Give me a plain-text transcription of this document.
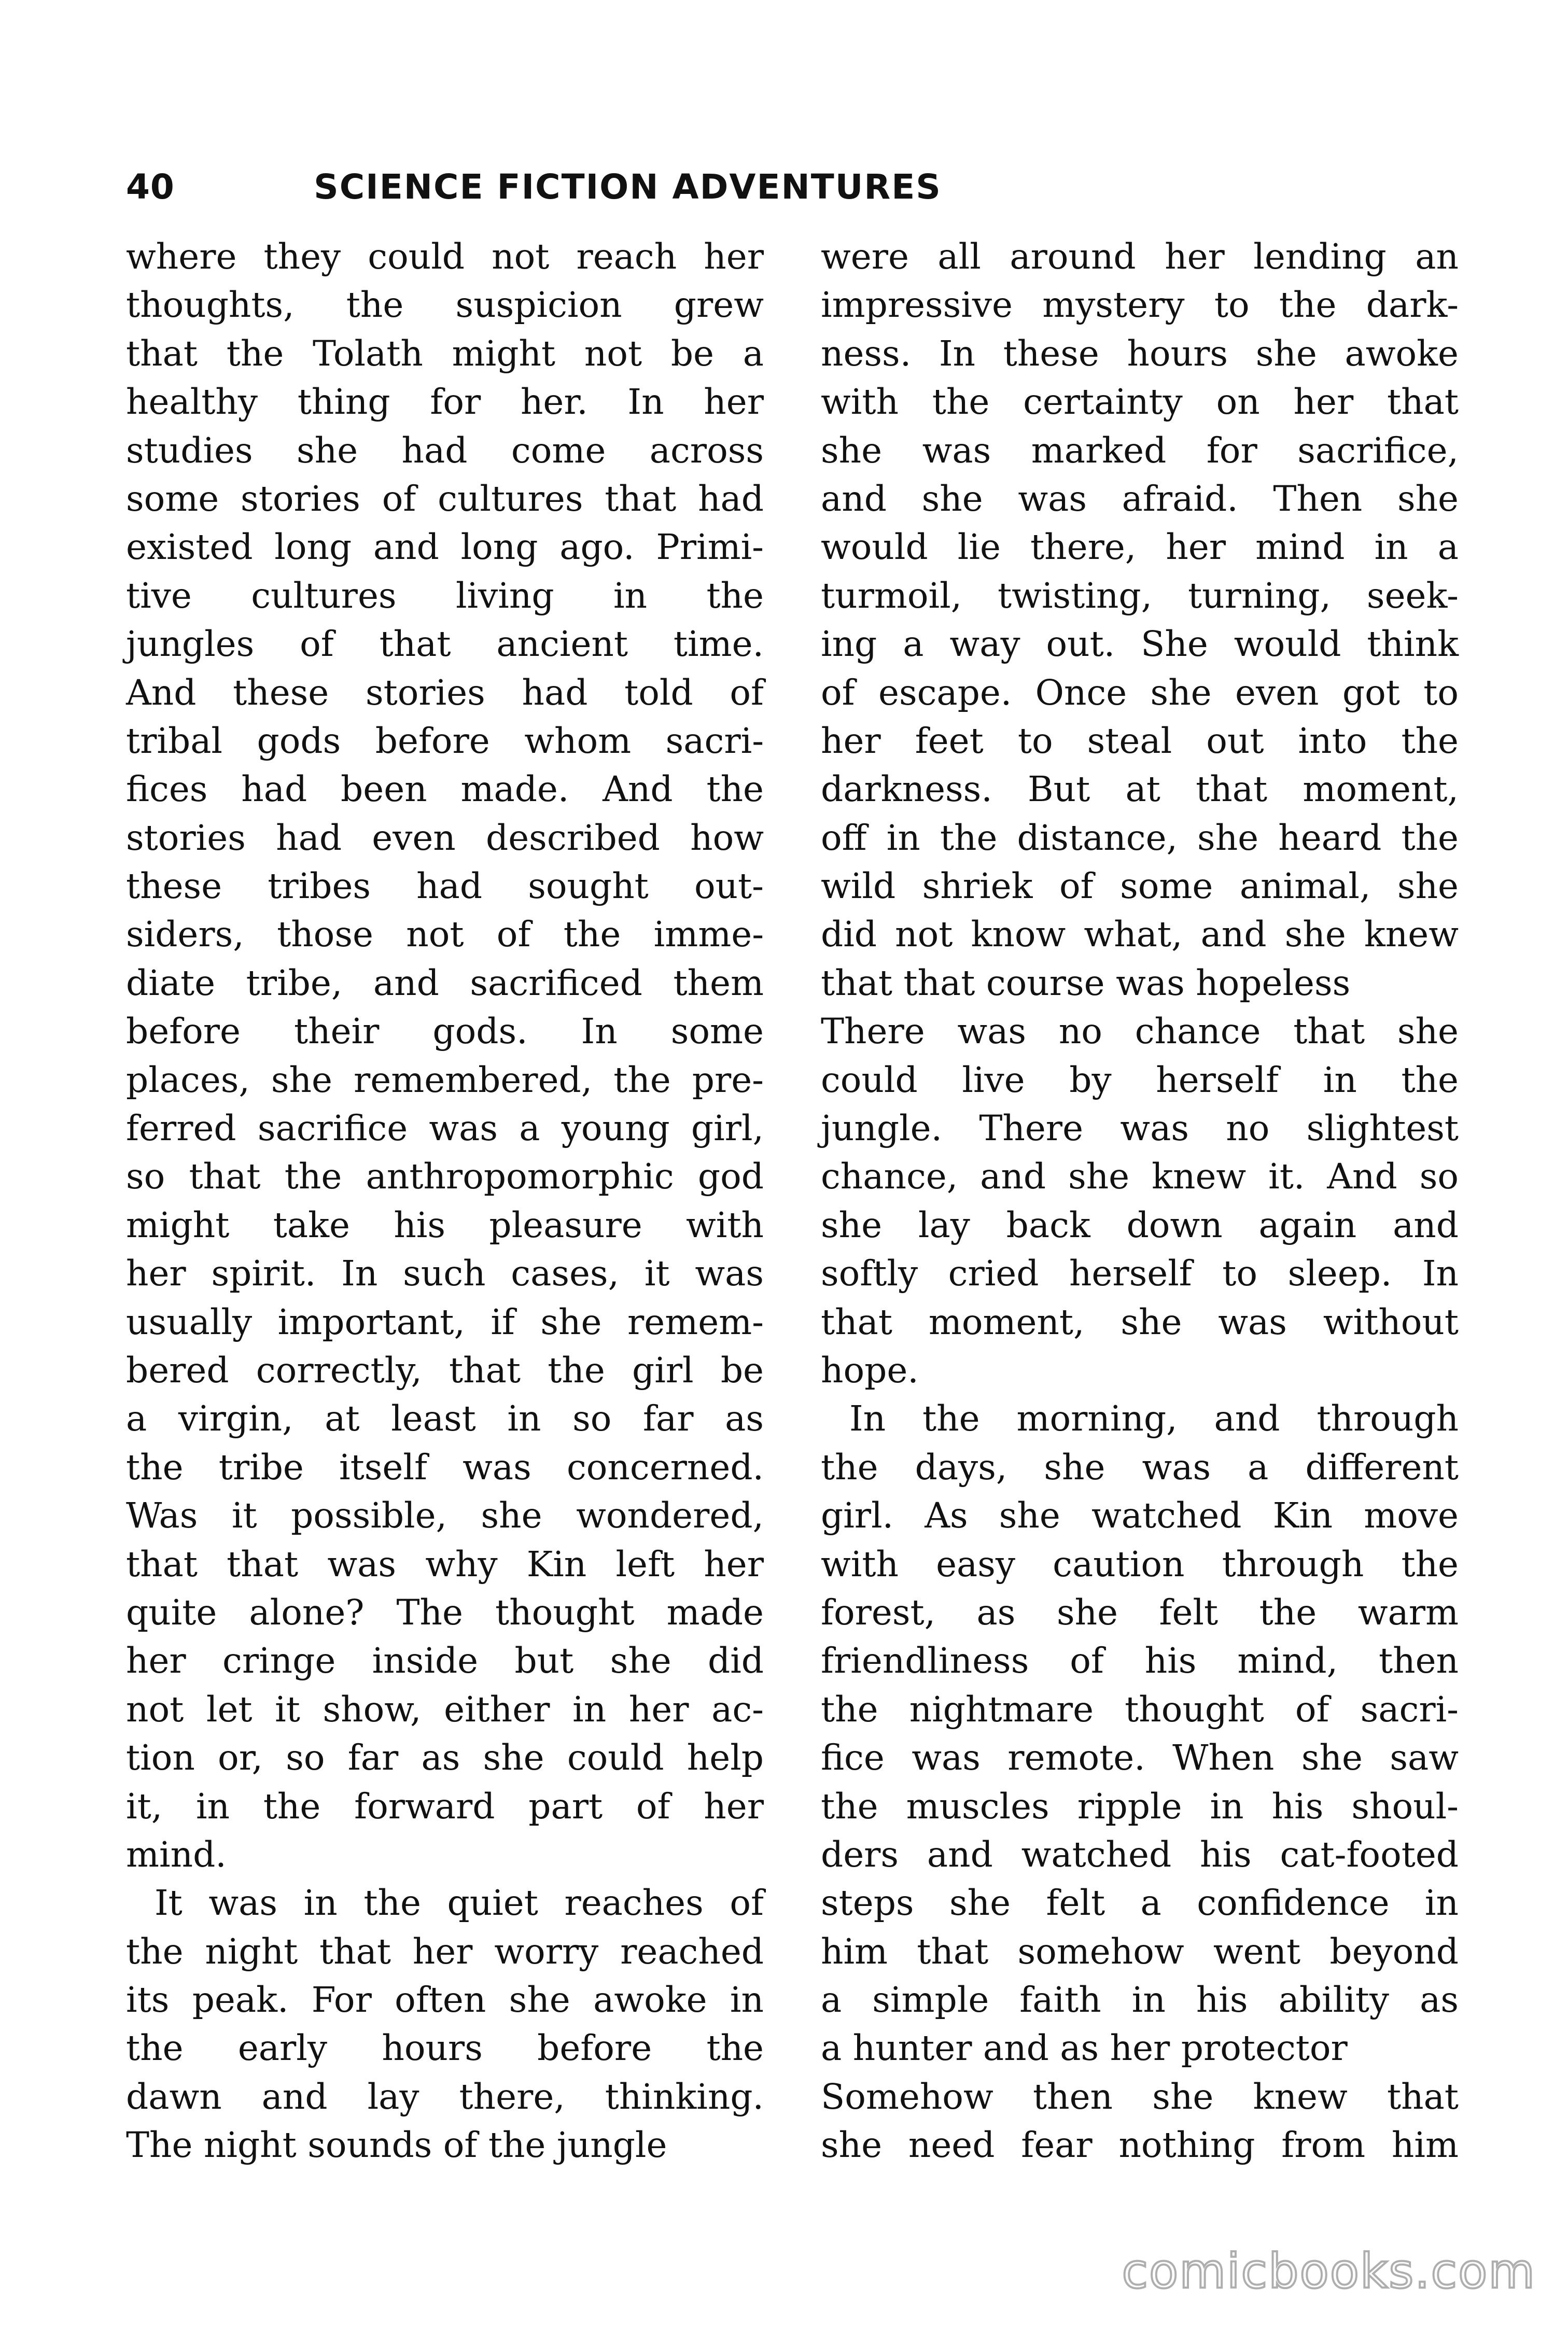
40	SCIENCE FICTION ADVENTURES
where they could not reach her
thoughts, the suspicion grew
that the Tolath might not be a
healthy thing for her. In her
studies she had come across
some stories of cultures that had
existed long and long ago. Primi-
tive cultures living in the
jungles of that ancient time.
And these stories had told of
tribal gods before whom sacri-
fices had been made. And the
stories had even described how
these tribes had sought out-
siders, those not of the imme-
diate tribe, and sacrificed them
before their gods. In some
places, she remembered, the pre-
ferred sacrifice was a young girl,
so that the anthropomorphic god
might take his pleasure with
her spirit. In such cases, it was
usually important, if she remem-
bered correctly, that the girl be
a virgin, at least in so far as
the tribe itself was concerned.
Was it possible, she wondered,
that that was why Kin left her
quite alone? The thought made
her cringe inside but she did
not let it show, either in her ac-
tion or, so far as she could help
it, in the forward part of her
mind.
It was in the quiet reaches of
the night that her worry reached
its peak. For often she awoke in
the early hours before the
dawn and lay there, thinking.
The night sounds of the jungle
were all around her lending an
impressive mystery to the dark-
ness. In these hours she awoke
with the certainty on her that
she was marked for sacrifice,
and she was afraid. Then she
would lie there, her mind in a
turmoil, twisting, turning, seek-
ing a way out. She would think
of escape. Once she even got to
her feet to steal out into the
darkness. But at that moment,
off in the distance, she heard the
wild shriek of some animal, she
did not know what, and she knew
that that course was hopeless
There was no chance that she
could live by herself in the
jungle. There was no slightest
chance, and she knew it. And so
she lay back down again and
softly cried herself to sleep. In
that moment, she was without
hope.
In the morning, and through
the days, she was a different
girl. As she watched Kin move
with easy caution through the
forest, as she felt the warm
friendliness of his mind, then
the nightmare thought of sacri-
fice was remote. When she saw
the muscles ripple in his shoul-
ders and watched his cat-footed
steps she felt a confidence in
him that somehow went beyond
a simple faith in his ability as
a hunter and as her protector
Somehow then she knew that
she need fear nothing from him
comicbooks.com
